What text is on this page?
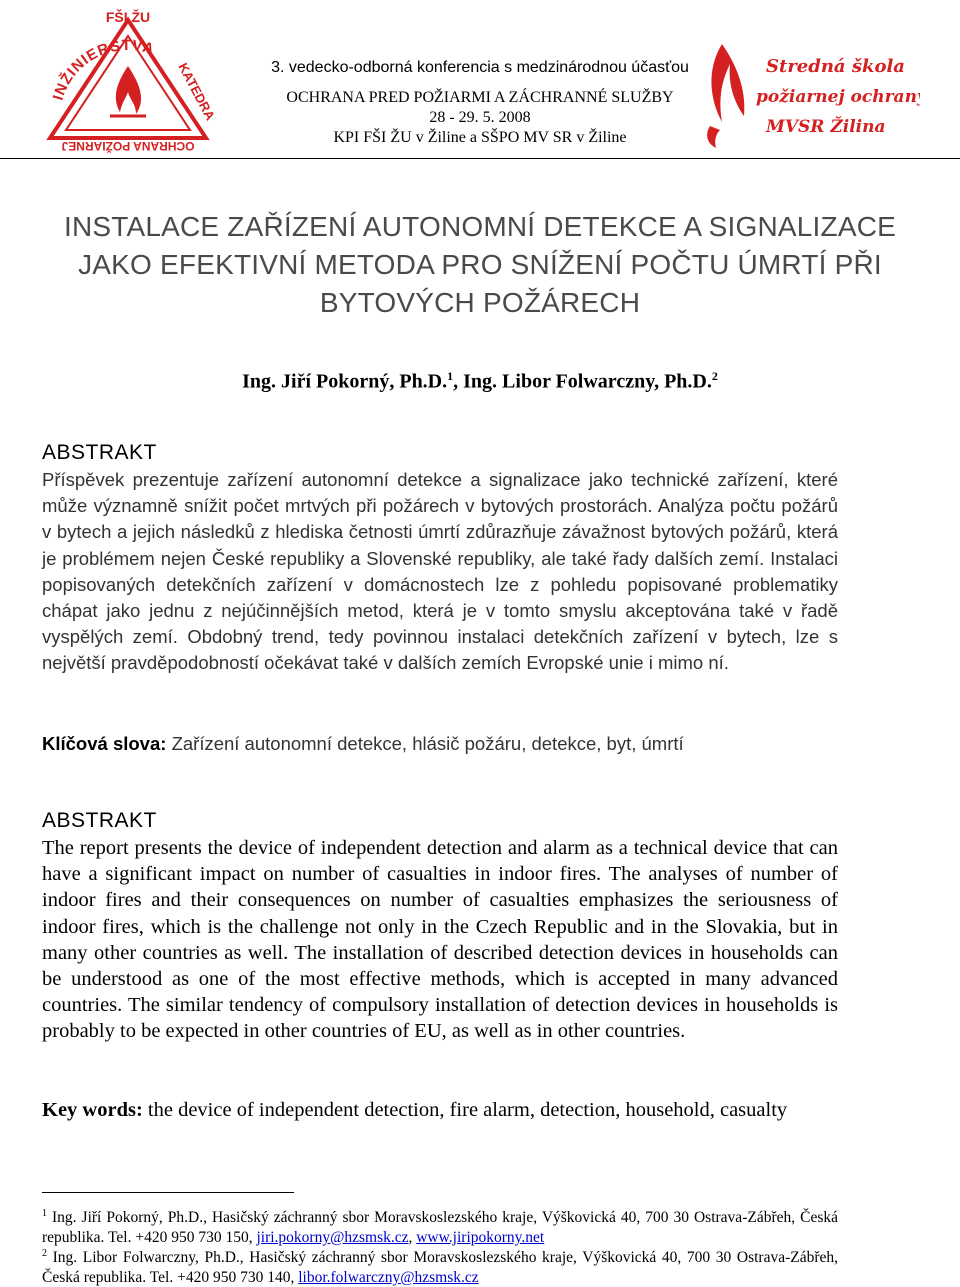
INŽINIERSTVA
FŠI ŽU
KATEDRA
OCHRANA POŽIARNEJ
Stredná škola
požiarnej ochrany
MVSR Žilina
3. vedecko-odborná konferencia s medzinárodnou účasťou
OCHRANA PRED POŽIARMI A ZÁCHRANNÉ SLUŽBY
28 - 29. 5. 2008
KPI FŠI ŽU v Žiline a SŠPO MV SR v Žiline
INSTALACE ZAŘÍZENÍ AUTONOMNÍ DETEKCE A SIGNALIZACE JAKO EFEKTIVNÍ METODA PRO SNÍŽENÍ POČTU ÚMRTÍ PŘI BYTOVÝCH POŽÁRECH
Ing. Jiří Pokorný, Ph.D.$^1$, Ing. Libor Folwarczny, Ph.D.$^2$
ABSTRAKT
Příspěvek prezentuje zařízení autonomní detekce a signalizace jako technické zařízení, které může významně snížit počet mrtvých při požárech v bytových prostorách. Analýza počtu požárů v bytech a jejich následků z hlediska četnosti úmrtí zdůrazňuje závažnost bytových požárů, která je problémem nejen České republiky a Slovenské republiky, ale také řady dalších zemí. Instalaci popisovaných detekčních zařízení v domácnostech lze z pohledu popisované problematiky chápat jako jednu z nejúčinnějších metod, která je v tomto smyslu akceptována také v řadě vyspělých zemí. Obdobný trend, tedy povinnou instalaci detekčních zařízení v bytech, lze s největší pravděpodobností očekávat také v dalších zemích Evropské unie i mimo ní.
Klíčová slova: Zařízení autonomní detekce, hlásič požáru, detekce, byt, úmrtí
ABSTRAKT
The report presents the device of independent detection and alarm as a technical device that can have a significant impact on number of casualties in indoor fires. The analyses of number of indoor fires and their consequences on number of casualties emphasizes the seriousness of indoor fires, which is the challenge not only in the Czech Republic and in the Slovakia, but in many other countries as well. The installation of described detection devices in households can be understood as one of the most effective methods, which is accepted in many advanced countries. The similar tendency of compulsory installation of detection devices in households is probably to be expected in other countries of EU, as well as in other countries.
Key words: the device of independent detection, fire alarm, detection, household, casualty
$^1$ Ing. Jiří Pokorný, Ph.D., Hasičský záchranný sbor Moravskoslezského kraje, Výškovická 40, 700 30 Ostrava-Zábřeh, Česká republika. Tel. +420 950 730 150, jiri.pokorny@hzsmsk.cz, www.jiripokorny.net
$^2$ Ing. Libor Folwarczny, Ph.D., Hasičský záchranný sbor Moravskoslezského kraje, Výškovická 40, 700 30 Ostrava-Zábřeh, Česká republika. Tel. +420 950 730 140, libor.folwarczny@hzsmsk.cz
